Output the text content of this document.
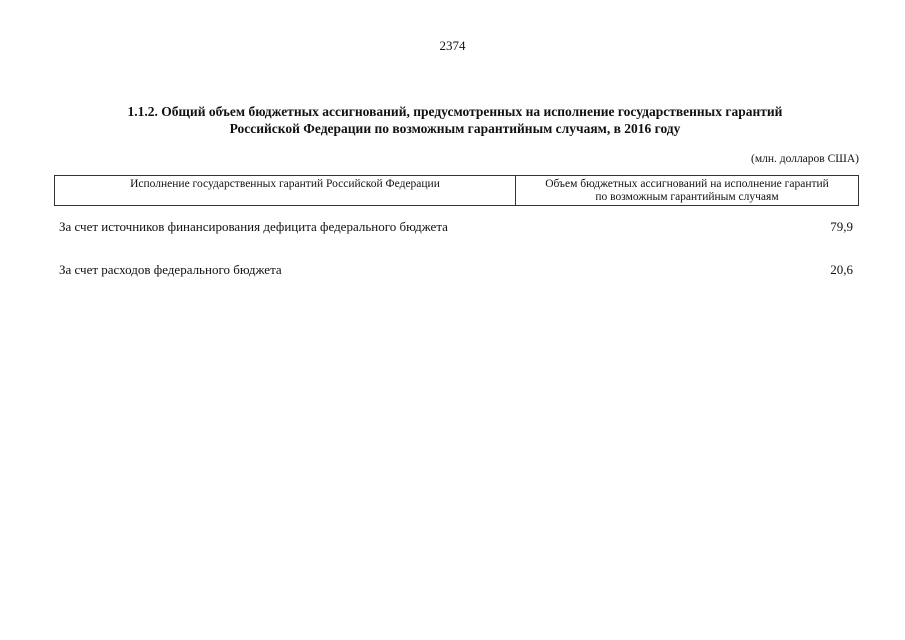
2374
1.1.2. Общий объем бюджетных ассигнований, предусмотренных на исполнение государственных гарантий
Российской Федерации по возможным гарантийным случаям, в 2016 году
(млн. долларов США)
Исполнение государственных гарантий Российской Федерации	Объем бюджетных ассигнований на исполнение гарантий
по возможным гарантийным случаям
За счет источников финансирования дефицита федерального бюджета	79,9
За счет расходов федерального бюджета	20,6
